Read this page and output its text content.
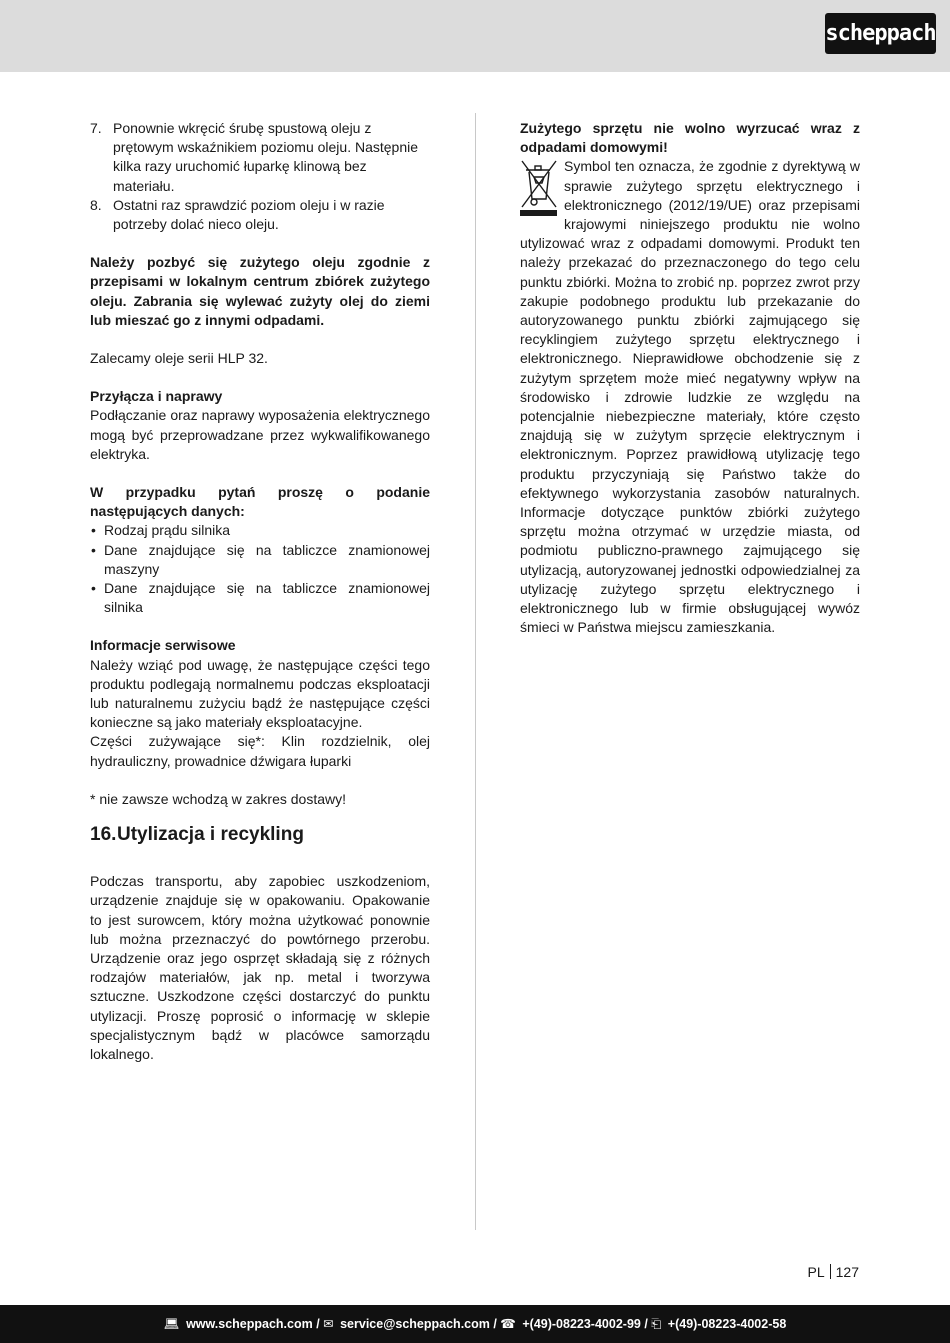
scheppach
7. Ponownie wkręcić śrubę spustową oleju z prętowym wskaźnikiem poziomu oleju. Następnie kilka razy uruchomić łuparkę klinową bez materiału.
8. Ostatni raz sprawdzić poziom oleju i w razie potrzeby dolać nieco oleju.

Należy pozbyć się zużytego oleju zgodnie z przepisami w lokalnym centrum zbiórek zużytego oleju. Zabrania się wylewać zużyty olej do ziemi lub mieszać go z innymi odpadami.

Zalecamy oleje serii HLP 32.

Przyłącza i naprawy

Podłączanie oraz naprawy wyposażenia elektrycznego mogą być przeprowadzane przez wykwalifikowanego elektryka.

W przypadku pytań proszę o podanie następujących danych:

• Rodzaj prądu silnika
• Dane znajdujące się na tabliczce znamionowej maszyny
• Dane znajdujące się na tabliczce znamionowej silnika

Informacje serwisowe

Należy wziąć pod uwagę, że następujące części tego produktu podlegają normalnemu podczas eksploatacji lub naturalnemu zużyciu bądź że następujące części konieczne są jako materiały eksploatacyjne.

Części zużywające się*: Klin rozdzielnik, olej hydrauliczny, prowadnice dźwigara łuparki

* nie zawsze wchodzą w zakres dostawy!

16.Utylizacja i recykling

Podczas transportu, aby zapobiec uszkodzeniom, urządzenie znajduje się w opakowaniu. Opakowanie to jest surowcem, który można użytkować ponownie lub można przeznaczyć do powtórnego przerobu. Urządzenie oraz jego osprzęt składają się z różnych rodzajów materiałów, jak np. metal i tworzywa sztuczne. Uszkodzone części dostarczyć do punktu utylizacji. Proszę poprosić o informację w sklepie specjalistycznym bądź w placówce samorządu lokalnego.

Zużytego sprzętu nie wolno wyrzucać wraz z odpadami domowymi!

Symbol ten oznacza, że zgodnie z dyrektywą w sprawie zużytego sprzętu elektrycznego i elektronicznego (2012/19/UE) oraz przepisami krajowymi niniejszego produktu nie wolno utylizować wraz z odpadami domowymi. Produkt ten należy przekazać do przeznaczonego do tego celu punktu zbiórki. Można to zrobić np. poprzez zwrot przy zakupie podobnego produktu lub przekazanie do autoryzowanego punktu zbiórki zajmującego się recyklingiem zużytego sprzętu elektrycznego i elektronicznego. Nieprawidłowe obchodzenie się z zużytym sprzętem może mieć negatywny wpływ na środowisko i zdrowie ludzkie ze względu na potencjalnie niebezpieczne materiały, które często znajdują się w zużytym sprzęcie elektrycznym i elektronicznym. Poprzez prawidłową utylizację tego produktu przyczyniają się Państwo także do efektywnego wykorzystania zasobów naturalnych. Informacje dotyczące punktów zbiórki zużytego sprzętu można otrzymać w urzędzie miasta, od podmiotu publiczno-prawnego zajmującego się utylizacją, autoryzowanej jednostki odpowiedzialnej za utylizację zużytego sprzętu elektrycznego i elektronicznego lub w firmie obsługującej wywóz śmieci w Państwa miejscu zamieszkania.

PL 127
💻︎ www.scheppach.com / ✉ service@scheppach.com / ☎ +(49)-08223-4002-99 / ⎗ +(49)-08223-4002-58
